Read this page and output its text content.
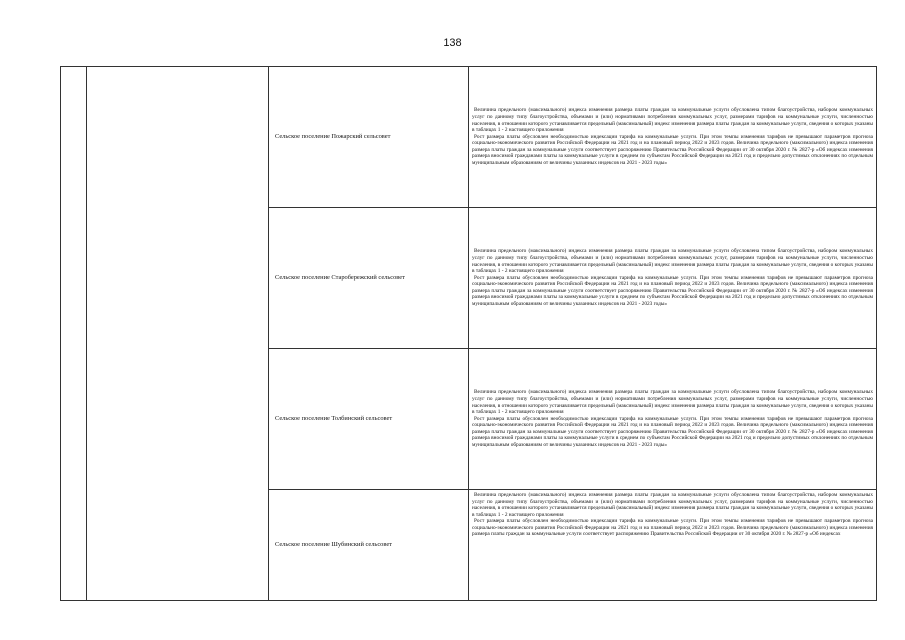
138
		Сельское поселение Пожарский сельсовет	Величина предельного (максимального) индекса изменения размера платы граждан за коммунальные услуги обусловлена типом благоустройства, набором коммунальных услуг по данному типу благоустройства, объемами и (или) нормативами потребления коммунальных услуг, размерами тарифов на коммунальные услуги, численностью населения, в отношении которого устанавливается предельный (максимальный) индекс изменения размера платы граждан за коммунальные услуги, сведения о которых указаны в таблицах 1 - 2 настоящего приложения

Рост размера платы обусловлен необходимостью индексации тарифа на коммунальные услуги. При этом темпы изменения тарифов не превышают параметров прогноза социально-экономического развития Российской Федерации на 2021 год и на плановый период 2022 и 2023 годов. Величина предельного (максимального) индекса изменения размера платы граждан за коммунальные услуги соответствует распоряжению Правительства Российской Федерации от 30 октября 2020 г. № 2827-р «Об индексах изменения размера вносимой гражданами платы за коммунальные услуги в среднем по субъектам Российской Федерации на 2021 год и предельно допустимых отклонениях по отдельным муниципальным образованиям от величины указанных индексов на 2021 - 2023 годы»

		Сельское поселение Старобережский сельсовет	Величина предельного (максимального) индекса изменения размера платы граждан за коммунальные услуги обусловлена типом благоустройства, набором коммунальных услуг по данному типу благоустройства, объемами и (или) нормативами потребления коммунальных услуг, размерами тарифов на коммунальные услуги, численностью населения, в отношении которого устанавливается предельный (максимальный) индекс изменения размера платы граждан за коммунальные услуги, сведения о которых указаны в таблицах 1 - 2 настоящего приложения

Рост размера платы обусловлен необходимостью индексации тарифа на коммунальные услуги. При этом темпы изменения тарифов не превышают параметров прогноза социально-экономического развития Российской Федерации на 2021 год и на плановый период 2022 и 2023 годов. Величина предельного (максимального) индекса изменения размера платы граждан за коммунальные услуги соответствует распоряжению Правительства Российской Федерации от 30 октября 2020 г. № 2827-р «Об индексах изменения размера вносимой гражданами платы за коммунальные услуги в среднем по субъектам Российской Федерации на 2021 год и предельно допустимых отклонениях по отдельным муниципальным образованиям от величины указанных индексов на 2021 - 2023 годы»

		Сельское поселение Толбинский сельсовет	Величина предельного (максимального) индекса изменения размера платы граждан за коммунальные услуги обусловлена типом благоустройства, набором коммунальных услуг по данному типу благоустройства, объемами и (или) нормативами потребления коммунальных услуг, размерами тарифов на коммунальные услуги, численностью населения, в отношении которого устанавливается предельный (максимальный) индекс изменения размера платы граждан за коммунальные услуги, сведения о которых указаны в таблицах 1 - 2 настоящего приложения

Рост размера платы обусловлен необходимостью индексации тарифа на коммунальные услуги. При этом темпы изменения тарифов не превышают параметров прогноза социально-экономического развития Российской Федерации на 2021 год и на плановый период 2022 и 2023 годов. Величина предельного (максимального) индекса изменения размера платы граждан за коммунальные услуги соответствует распоряжению Правительства Российской Федерации от 30 октября 2020 г. № 2827-р «Об индексах изменения размера вносимой гражданами платы за коммунальные услуги в среднем по субъектам Российской Федерации на 2021 год и предельно допустимых отклонениях по отдельным муниципальным образованиям от величины указанных индексов на 2021 - 2023 годы»

		Сельское поселение Шубинский сельсовет	Величина предельного (максимального) индекса изменения размера платы граждан за коммунальные услуги обусловлена типом благоустройства, набором коммунальных услуг по данному типу благоустройства, объемами и (или) нормативами потребления коммунальных услуг, размерами тарифов на коммунальные услуги, численностью населения, в отношении которого устанавливается предельный (максимальный) индекс изменения размера платы граждан за коммунальные услуги, сведения о которых указаны в таблицах 1 - 2 настоящего приложения

Рост размера платы обусловлен необходимостью индексации тарифа на коммунальные услуги. При этом темпы изменения тарифов не превышают параметров прогноза социально-экономического развития Российской Федерации на 2021 год и на плановый период 2022 и 2023 годов. Величина предельного (максимального) индекса изменения размера платы граждан за коммунальные услуги соответствует распоряжению Правительства Российской Федерации от 30 октября 2020 г. № 2827-р «Об индексах
